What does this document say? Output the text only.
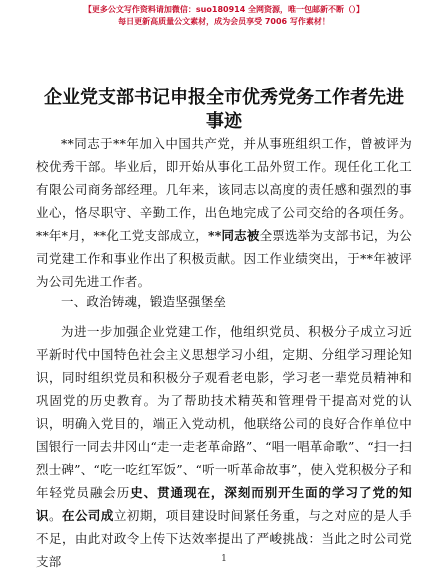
【更多公文写作资料请加微信：suo180914 全网资源，唯一包邮新不断（）】
每日更新高质量公文素材，成为会员享受 7006 写作素材！
企业党支部书记申报全市优秀党务工作者先进事迹

**同志于**年加入中国共产党，并从事班组织工作，曾被评为校优秀干部。毕业后，即开始从事化工品外贸工作。现任化工化工有限公司商务部经理。几年来，该同志以高度的责任感和强烈的事业心，恪尽职守、辛勤工作，出色地完成了公司交给的各项任务。**年*月，**化工党支部成立，**同志被全票选举为支部书记，为公司党建工作和事业作出了积极贡献。因工作业绩突出，于**年被评为公司先进工作者。

一、政治铸魂，锻造坚强堡垒

为进一步加强企业党建工作，他组织党员、积极分子成立习近平新时代中国特色社会主义思想学习小组，定期、分组学习理论知识，同时组织党员和积极分子观看老电影，学习老一辈党员精神和巩固党的历史教育。为了帮助技术精英和管理骨干提高对党的认识，明确入党目的，端正入党动机，他联络公司的良好合作单位中国银行一同去井冈山“走一走老革命路”、“唱一唱革命歌”、“扫一扫烈士碑”、“吃一吃红军饭”、“听一听革命故事”，使入党积极分子和年轻党员融会历史、贯通现在，深刻而别开生面的学习了党的知识。在公司成立初期，项目建设时间紧任务重，与之对应的是人手不足，由此对政令上传下达效率提出了严峻挑战：当此之时公司党支部	1
